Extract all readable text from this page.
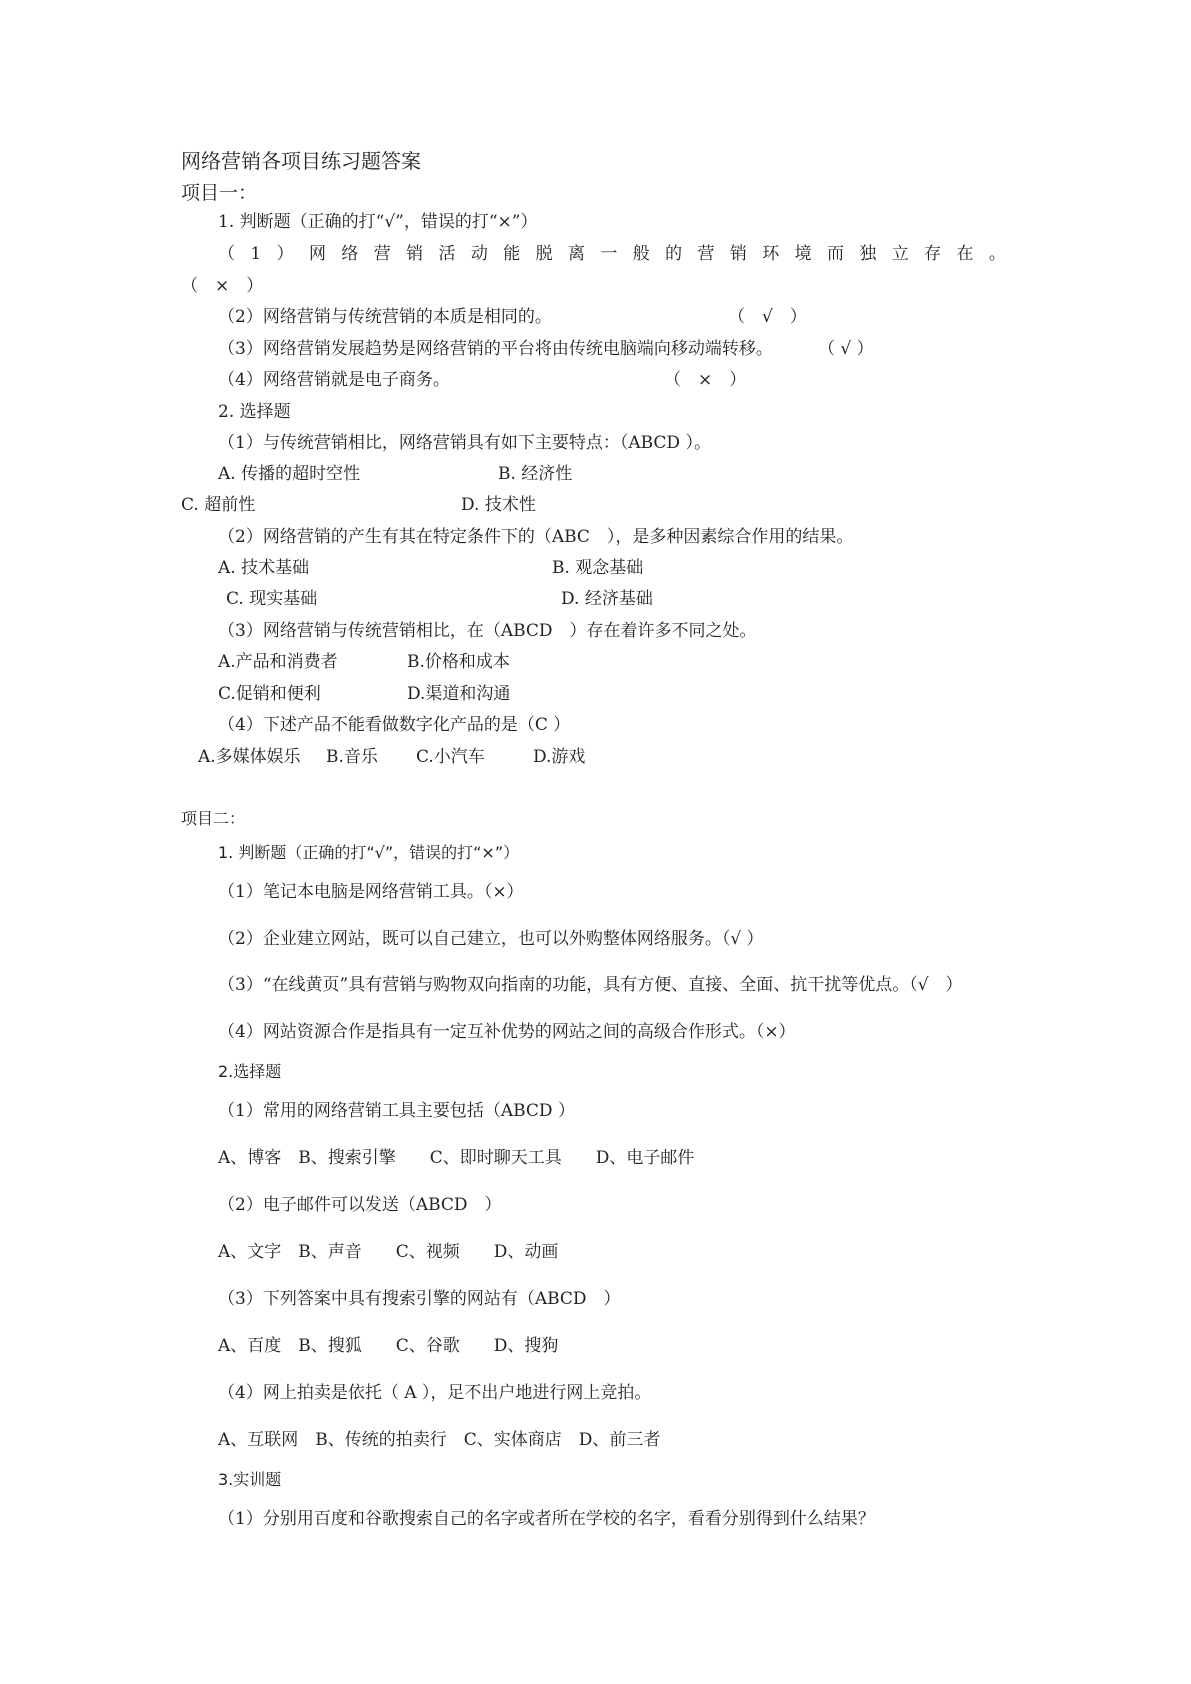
网络营销各项目练习题答案
项目一：
1. 判断题（正确的打“√”，错误的打“×”）
（ 1 ） 网 络 营 销 活 动 能 脱 离 一 般 的 营 销 环 境 而 独 立 存 在 。
（　×　）
（2）网络营销与传统营销的本质是相同的。	（　√　）
（3）网络营销发展趋势是网络营销的平台将由传统电脑端向移动端转移。	（ √ ）
（4）网络营销就是电子商务。	（　×　）
2. 选择题
（1）与传统营销相比，网络营销具有如下主要特点：（ABCD ）。
A. 传播的超时空性	B. 经济性
C. 超前性	D. 技术性
（2）网络营销的产生有其在特定条件下的（ABC　），是多种因素综合作用的结果。
A. 技术基础	B. 观念基础
C. 现实基础	D. 经济基础
（3）网络营销与传统营销相比，在（ABCD　）存在着许多不同之处。
A.产品和消费者	B.价格和成本
C.促销和便利	D.渠道和沟通
（4）下述产品不能看做数字化产品的是（C ）
A.多媒体娱乐 B.音乐 C.小汽车	D.游戏
项目二：
1. 判断题（正确的打“√”，错误的打“×”）
（1）笔记本电脑是网络营销工具。（×）
（2）企业建立网站，既可以自己建立，也可以外购整体网络服务。（√ ）
（3）“在线黄页”具有营销与购物双向指南的功能，具有方便、直接、全面、抗干扰等优点。（√　）
（4）网站资源合作是指具有一定互补优势的网站之间的高级合作形式。（×）
2.选择题
（1）常用的网络营销工具主要包括（ABCD ）
A、博客　B、搜索引擎　　C、即时聊天工具　　D、电子邮件
（2）电子邮件可以发送（ABCD　）
A、文字　B、声音　　C、视频　　D、动画
（3）下列答案中具有搜索引擎的网站有（ABCD　）
A、百度　B、搜狐　　C、谷歌　　D、搜狗
（4）网上拍卖是依托（ A ），足不出户地进行网上竞拍。
A、互联网　B、传统的拍卖行　C、实体商店　D、前三者
3.实训题
（1）分别用百度和谷歌搜索自己的名字或者所在学校的名字，看看分别得到什么结果？
